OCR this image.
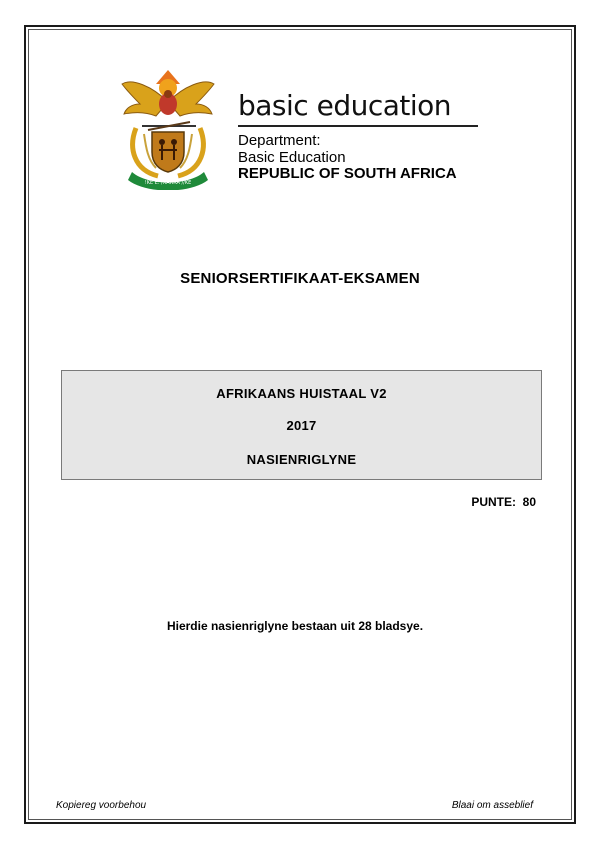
!KE E: /XARRA //KE
basic education
Department:
Basic Education
REPUBLIC OF SOUTH AFRICA
SENIORSERTIFIKAAT-EKSAMEN
AFRIKAANS HUISTAAL V2
2017
NASIENRIGLYNE
PUNTE:  80
Hierdie nasienriglyne bestaan uit 28 bladsye.
Kopiereg voorbehou	Blaai om asseblief
